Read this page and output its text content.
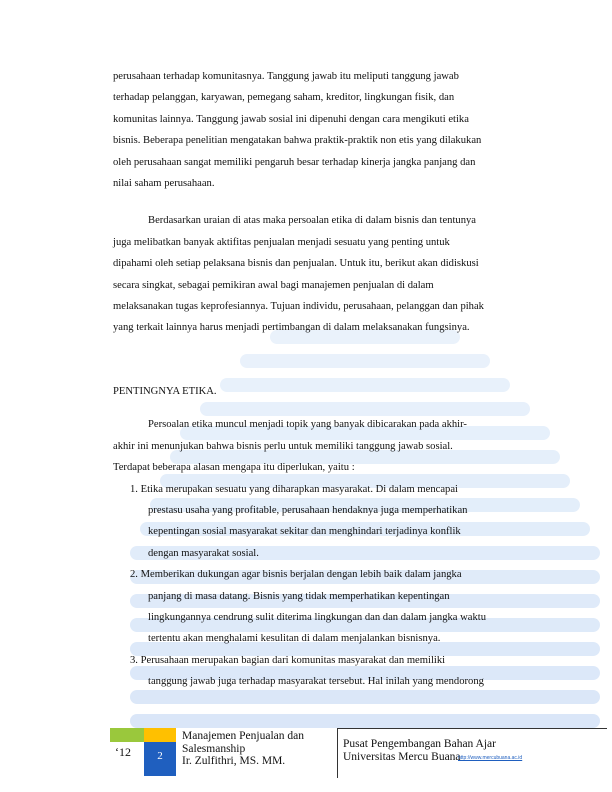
perusahaan terhadap komunitasnya. Tanggung jawab itu meliputi tanggung jawab
terhadap pelanggan, karyawan, pemegang saham, kreditor, lingkungan fisik, dan
komunitas lainnya. Tanggung jawab sosial ini dipenuhi dengan cara mengikuti etika
bisnis. Beberapa penelitian mengatakan bahwa praktik-praktik non etis yang dilakukan
oleh perusahaan sangat memiliki pengaruh besar terhadap kinerja jangka panjang dan
nilai saham perusahaan.
Berdasarkan uraian di atas maka persoalan etika di dalam bisnis dan tentunya
juga melibatkan banyak aktifitas penjualan menjadi sesuatu yang penting untuk
dipahami oleh setiap pelaksana bisnis dan penjualan. Untuk itu, berikut akan didiskusi
secara singkat, sebagai pemikiran awal bagi manajemen penjualan di dalam
melaksanakan tugas keprofesiannya. Tujuan individu, perusahaan, pelanggan dan pihak
yang terkait lainnya harus menjadi pertimbangan di dalam melaksanakan fungsinya.
PENTINGNYA ETIKA.
Persoalan etika muncul menjadi topik yang banyak dibicarakan pada akhir-
akhir ini menunjukan bahwa bisnis perlu untuk memiliki tanggung jawab sosial.
Terdapat beberapa alasan mengapa itu diperlukan, yaitu :
1. Etika merupakan sesuatu yang diharapkan masyarakat. Di dalam mencapai
prestasu usaha yang profitable, perusahaan hendaknya juga memperhatikan
kepentingan sosial masyarakat sekitar dan menghindari terjadinya konflik
dengan masyarakat sosial.
2. Memberikan dukungan agar bisnis berjalan dengan lebih baik dalam jangka
panjang di masa datang. Bisnis yang tidak memperhatikan kepentingan
lingkungannya cendrung sulit diterima lingkungan dan dan dalam jangka waktu
tertentu akan menghalami kesulitan di dalam menjalankan bisnisnya.
3. Perusahaan merupakan bagian dari komunitas masyarakat dan memiliki
tanggung jawab juga terhadap masyarakat tersebut. Hal inilah yang mendorong
‘12	2
Manajemen Penjualan dan
Salesmanship
Ir. Zulfithri, MS. MM.
Pusat Pengembangan Bahan Ajar
Universitas Mercu Buana
http://www.mercubuana.ac.id
